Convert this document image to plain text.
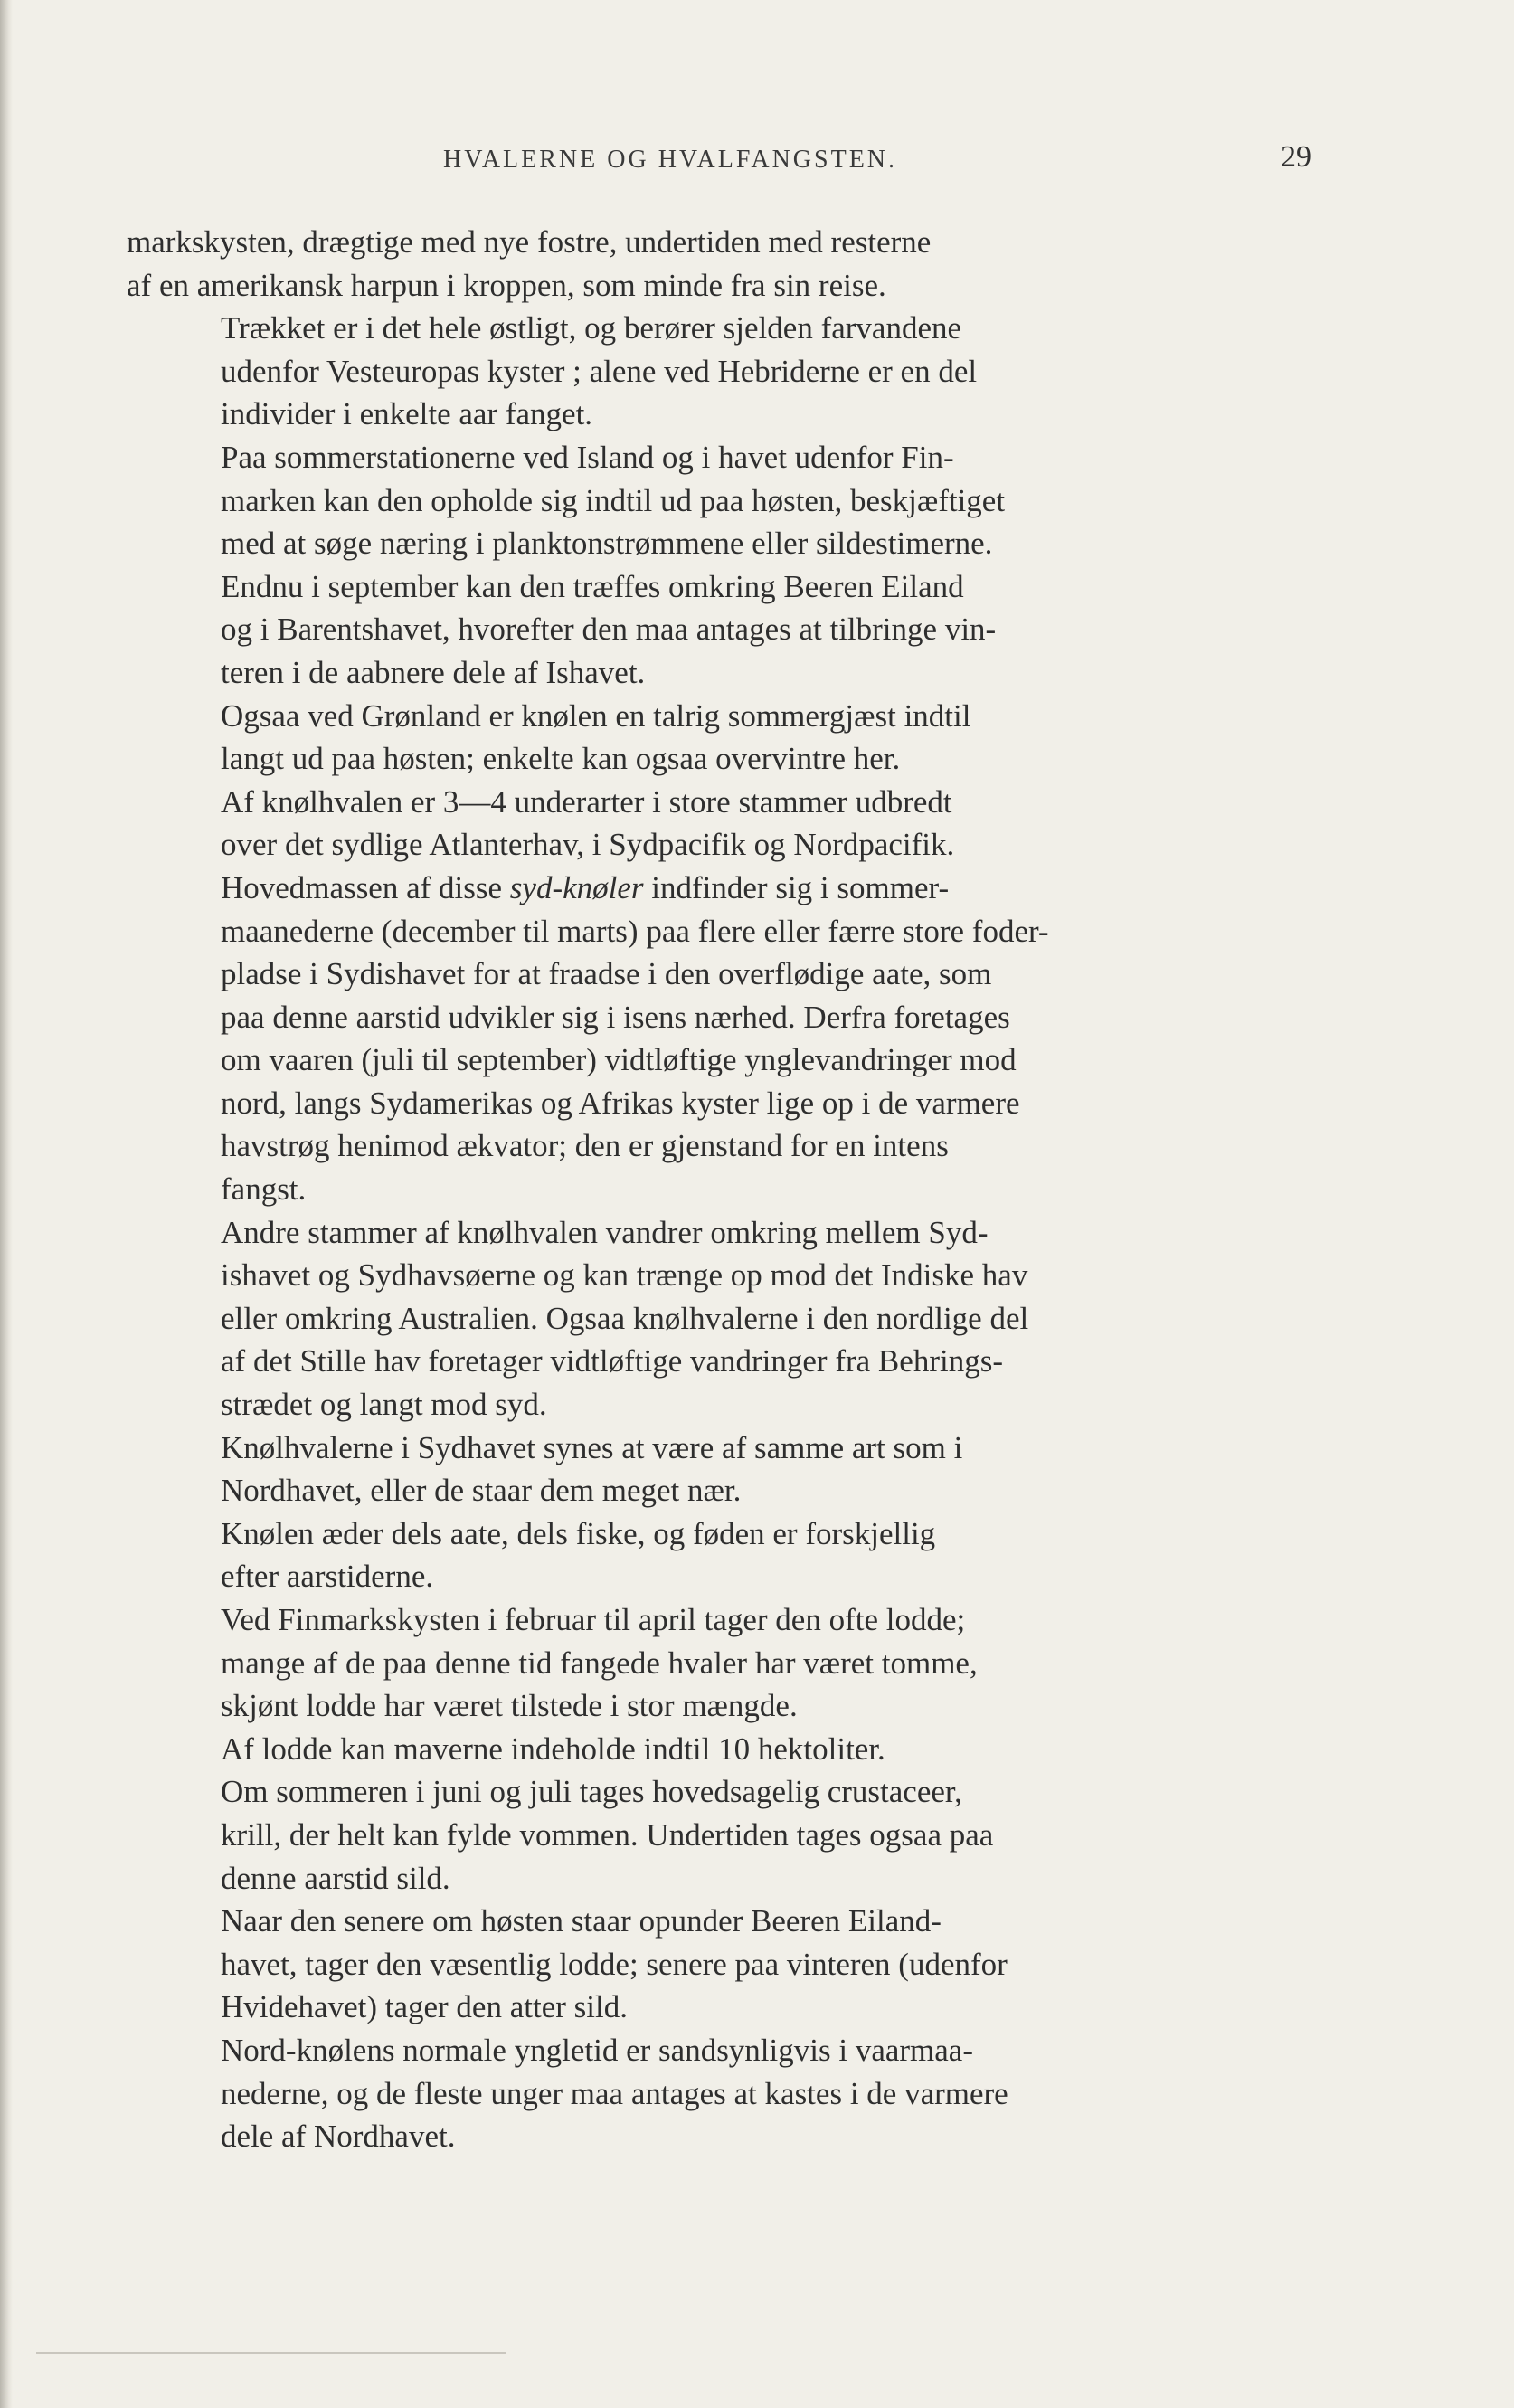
HVALERNE OG HVALFANGSTEN.	29

markskysten, drægtige med nye fostre, undertiden med resterne
af en amerikansk harpun i kroppen, som minde fra sin reise.

Trækket er i det hele østligt, og berører sjelden farvandene
udenfor Vesteuropas kyster ; alene ved Hebriderne er en del
individer i enkelte aar fanget.

Paa sommerstationerne ved Island og i havet udenfor Fin-
marken kan den opholde sig indtil ud paa høsten, beskjæftiget
med at søge næring i planktonstrømmene eller sildestimerne.

Endnu i september kan den træffes omkring Beeren Eiland
og i Barentshavet, hvorefter den maa antages at tilbringe vin-
teren i de aabnere dele af Ishavet.

Ogsaa ved Grønland er knølen en talrig sommergjæst indtil
langt ud paa høsten; enkelte kan ogsaa overvintre her.

Af knølhvalen er 3—4 underarter i store stammer udbredt
over det sydlige Atlanterhav, i Sydpacifik og Nordpacifik.

Hovedmassen af disse syd-knøler indfinder sig i sommer-
maanederne (december til marts) paa flere eller færre store foder-
pladse i Sydishavet for at fraadse i den overflødige aate, som
paa denne aarstid udvikler sig i isens nærhed. Derfra foretages
om vaaren (juli til september) vidtløftige ynglevandringer mod
nord, langs Sydamerikas og Afrikas kyster lige op i de varmere
havstrøg henimod ækvator; den er gjenstand for en intens
fangst.

Andre stammer af knølhvalen vandrer omkring mellem Syd-
ishavet og Sydhavsøerne og kan trænge op mod det Indiske hav
eller omkring Australien. Ogsaa knølhvalerne i den nordlige del
af det Stille hav foretager vidtløftige vandringer fra Behrings-
strædet og langt mod syd.

Knølhvalerne i Sydhavet synes at være af samme art som i
Nordhavet, eller de staar dem meget nær.

Knølen æder dels aate, dels fiske, og føden er forskjellig
efter aarstiderne.

Ved Finmarkskysten i februar til april tager den ofte lodde;
mange af de paa denne tid fangede hvaler har været tomme,
skjønt lodde har været tilstede i stor mængde.

Af lodde kan maverne indeholde indtil 10 hektoliter.

Om sommeren i juni og juli tages hovedsagelig crustaceer,
krill, der helt kan fylde vommen. Undertiden tages ogsaa paa
denne aarstid sild.

Naar den senere om høsten staar opunder Beeren Eiland-
havet, tager den væsentlig lodde; senere paa vinteren (udenfor
Hvidehavet) tager den atter sild.

Nord-knølens normale yngletid er sandsynligvis i vaarmaa-
nederne, og de fleste unger maa antages at kastes i de varmere
dele af Nordhavet.
